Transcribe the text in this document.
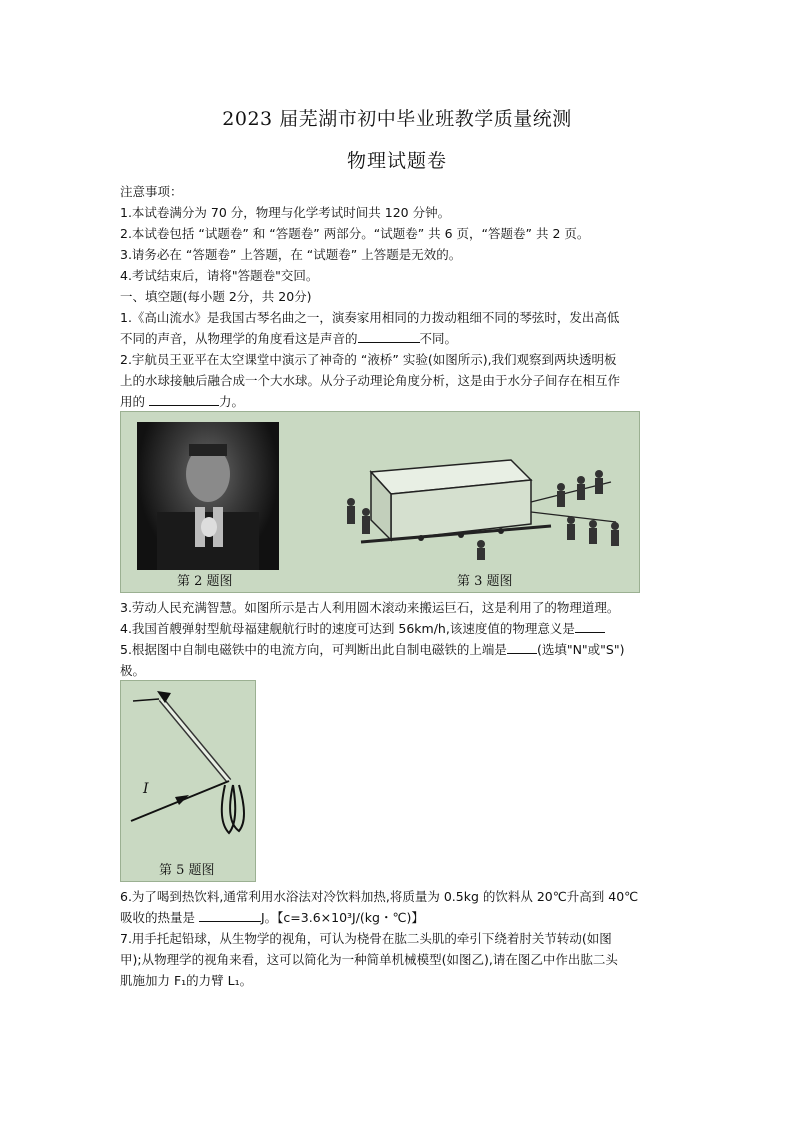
2023 届芜湖市初中毕业班教学质量统测
物理试题卷
注意事项：
1.本试卷满分为 70 分，物理与化学考试时间共 120 分钟。
2.本试卷包括 “试题卷” 和 “答题卷” 两部分。“试题卷” 共 6 页，“答题卷” 共 2 页。
3.请务必在 “答题卷” 上答题，在 “试题卷” 上答题是无效的。
4.考试结束后，请将"答题卷"交回。
一、填空题(每小题 2分，共 20分)
1.《高山流水》是我国古琴名曲之一，演奏家用相同的力拨动粗细不同的琴弦时，发出高低
不同的声音，从物理学的角度看这是声音的	不同。
2.宇航员王亚平在太空课堂中演示了神奇的 “液桥” 实验(如图所示),我们观察到两块透明板
上的水球接触后融合成一个大水球。从分子动理论角度分析，这是由于水分子间存在相互作
用的	力。
第 2 题图	第 3 题图
3.劳动人民充满智慧。如图所示是古人利用圆木滚动来搬运巨石，这是利用了的物理道理。
4.我国首艘弹射型航母福建舰航行时的速度可达到 56km/h,该速度值的物理意义是
5.根据图中自制电磁铁中的电流方向，可判断出此自制电磁铁的上端是 (选填"N"或"S")
极。
I
第 5 题图
6.为了喝到热饮料,通常利用水浴法对冷饮料加热,将质量为 0.5kg 的饮料从 20℃升高到 40℃
吸收的热量是	J。【c=3.6×10³J/(kg・℃)】
7.用手托起铅球，从生物学的视角，可认为桡骨在肱二头肌的牵引下绕着肘关节转动(如图
甲);从物理学的视角来看，这可以简化为一种简单机械模型(如图乙),请在图乙中作出肱二头
肌施加力 F₁的力臂 L₁。
